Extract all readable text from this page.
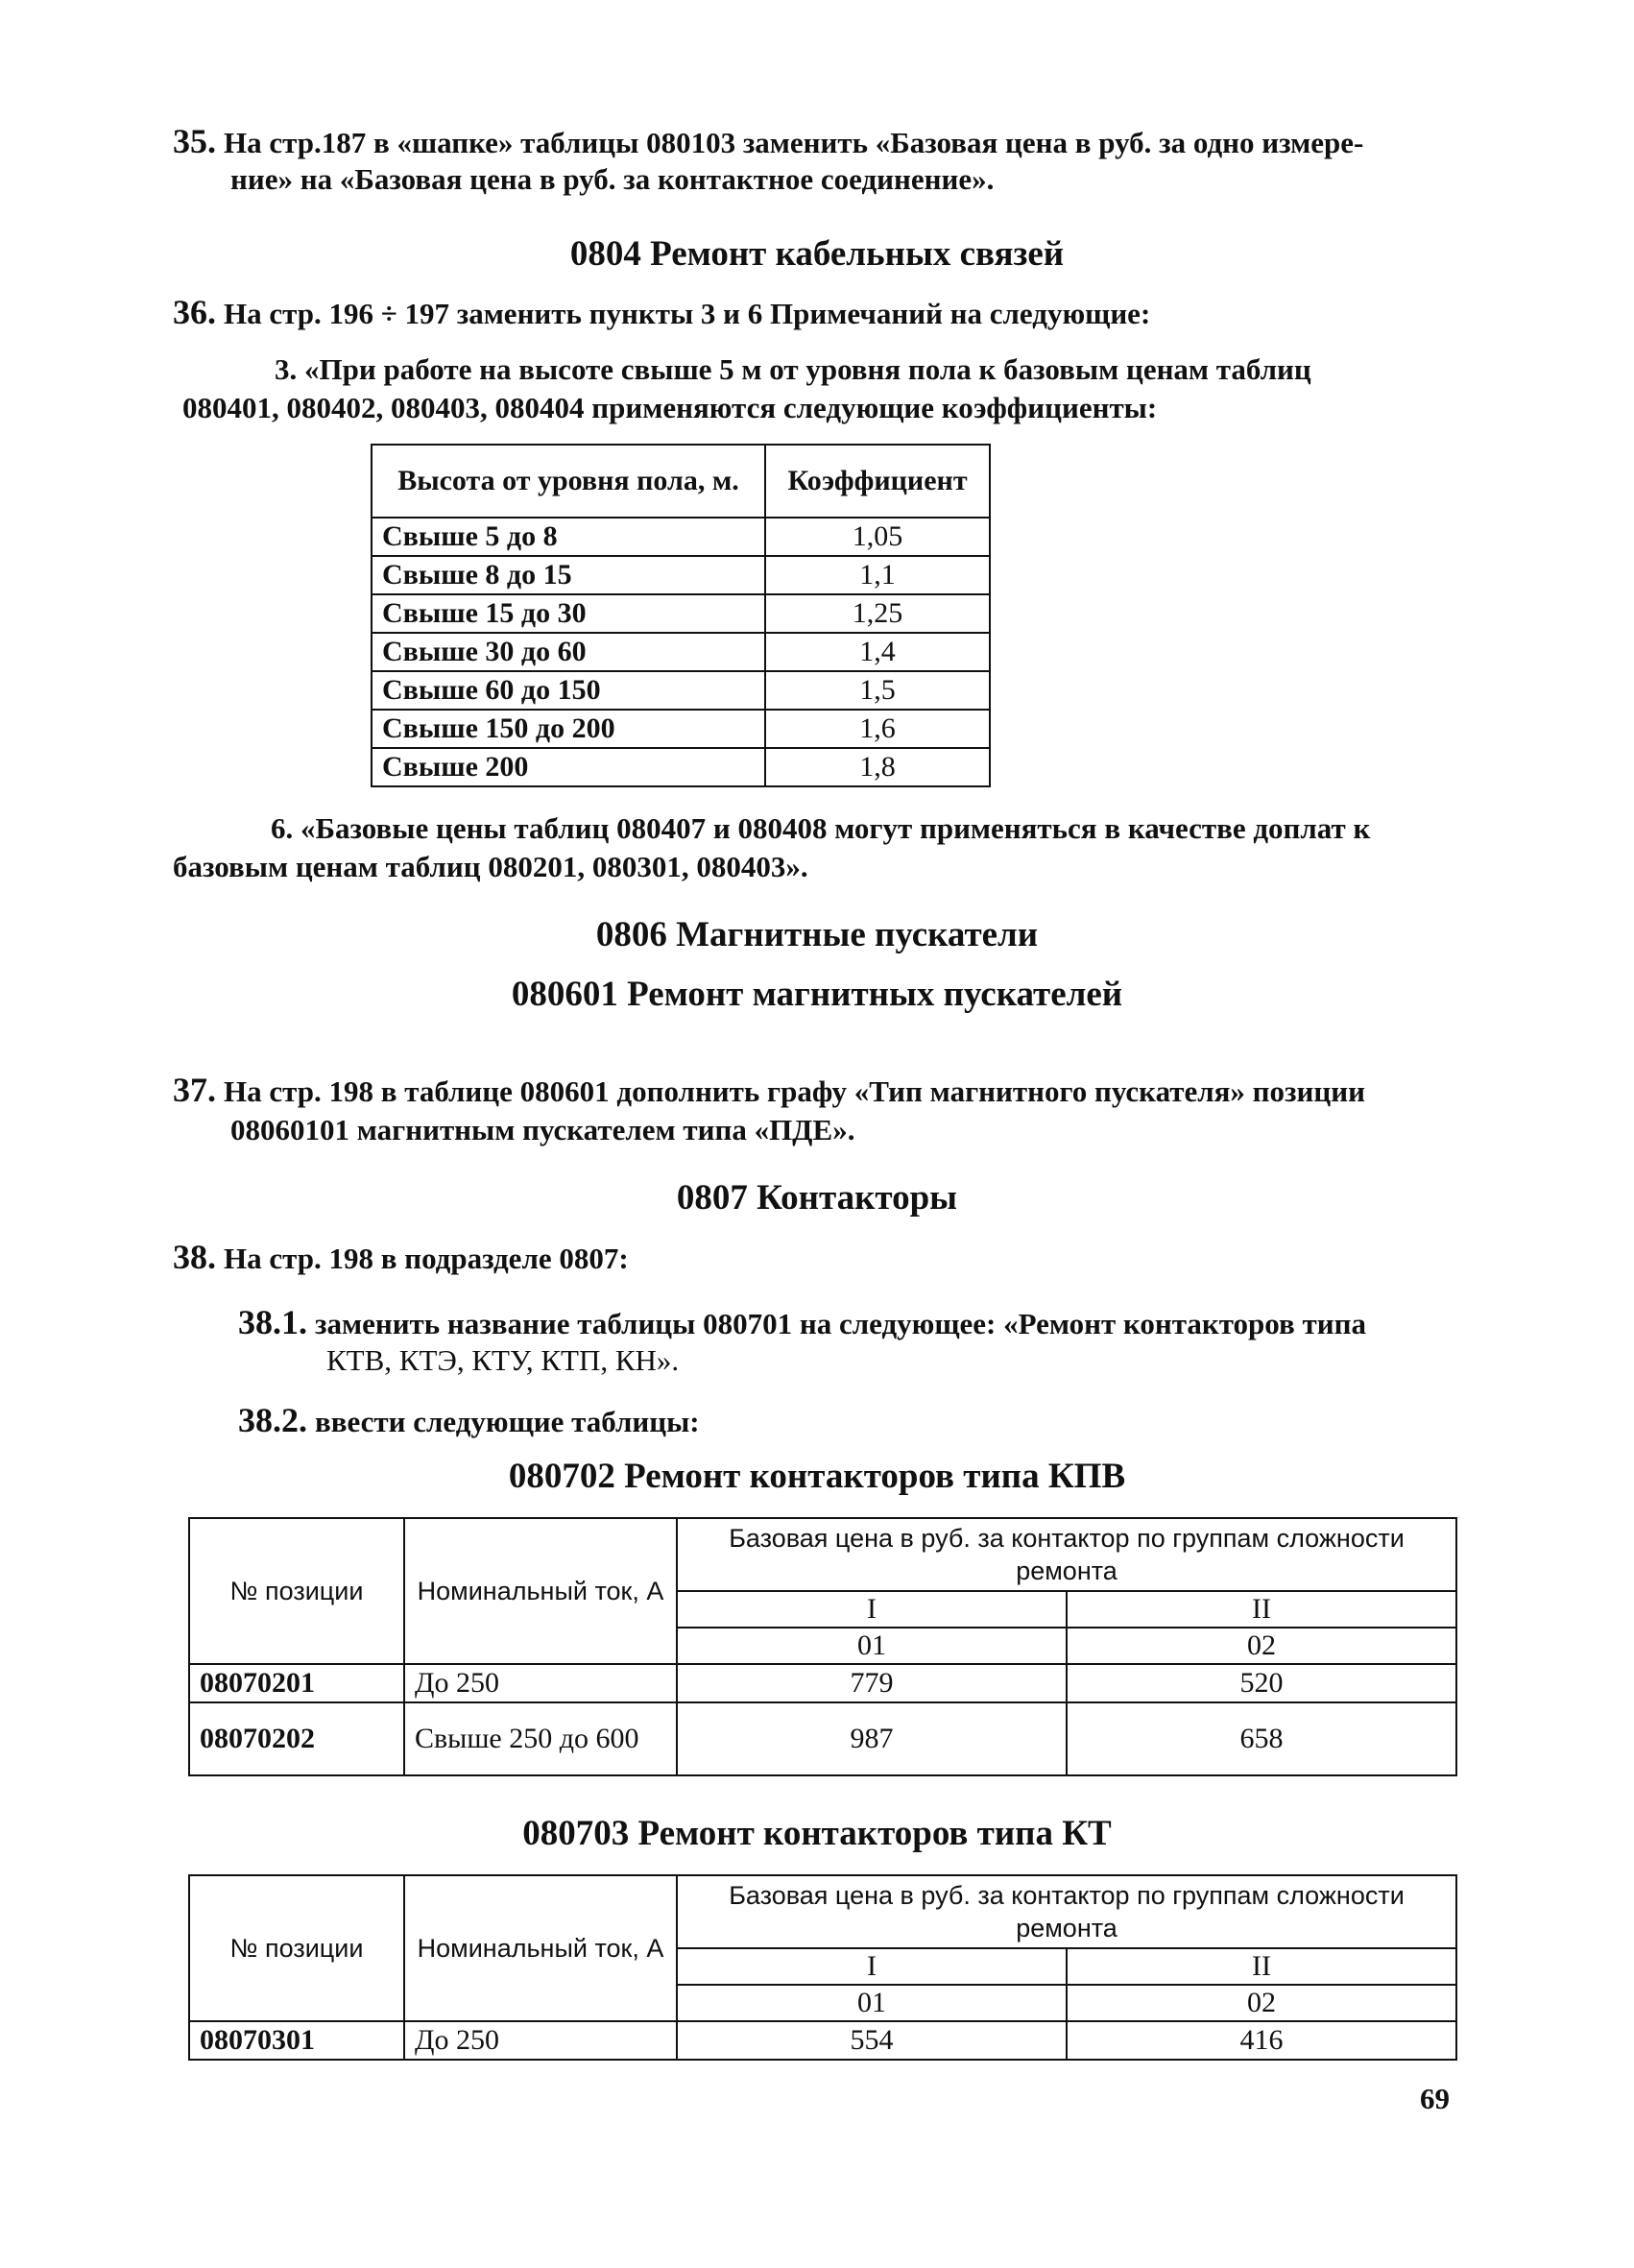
35. На стр.187 в «шапке» таблицы 080103 заменить «Базовая цена в руб. за одно измере-
ние» на «Базовая цена в руб. за контактное соединение».
0804 Ремонт кабельных связей
36. На стр. 196 ÷ 197 заменить пункты 3 и 6 Примечаний на следующие:
3. «При работе на высоте свыше 5 м от уровня пола к базовым ценам таблиц
080401, 080402, 080403, 080404 применяются следующие коэффициенты:
Высота от уровня пола, м.	Коэффициент
Свыше 5 до 8	1,05
Свыше 8 до 15	1,1
Свыше 15 до 30	1,25
Свыше 30 до 60	1,4
Свыше 60 до 150	1,5
Свыше 150 до 200	1,6
Свыше 200	1,8
6. «Базовые цены таблиц 080407 и 080408 могут применяться в качестве доплат к
базовым ценам таблиц 080201, 080301, 080403».
0806 Магнитные пускатели
080601 Ремонт магнитных пускателей
37. На стр. 198 в таблице 080601 дополнить графу «Тип магнитного пускателя» позиции
08060101 магнитным пускателем типа «ПДЕ».
0807 Контакторы
38. На стр. 198 в подразделе 0807:
38.1. заменить название таблицы 080701 на следующее: «Ремонт контакторов типа
КТВ, КТЭ, КТУ, КТП, КН».
38.2. ввести следующие таблицы:
080702 Ремонт контакторов типа КПВ
№ позиции	Номинальный ток, А	Базовая цена в руб. за контактор по группам сложности ремонта	
		I	II
		01	02
08070201	До 250	779	520
08070202	Свыше 250 до 600	987	658
080703 Ремонт контакторов типа КТ
№ позиции	Номинальный ток, А	Базовая цена в руб. за контактор по группам сложности ремонта	
		I	II
		01	02
08070301	До 250	554	416
69
